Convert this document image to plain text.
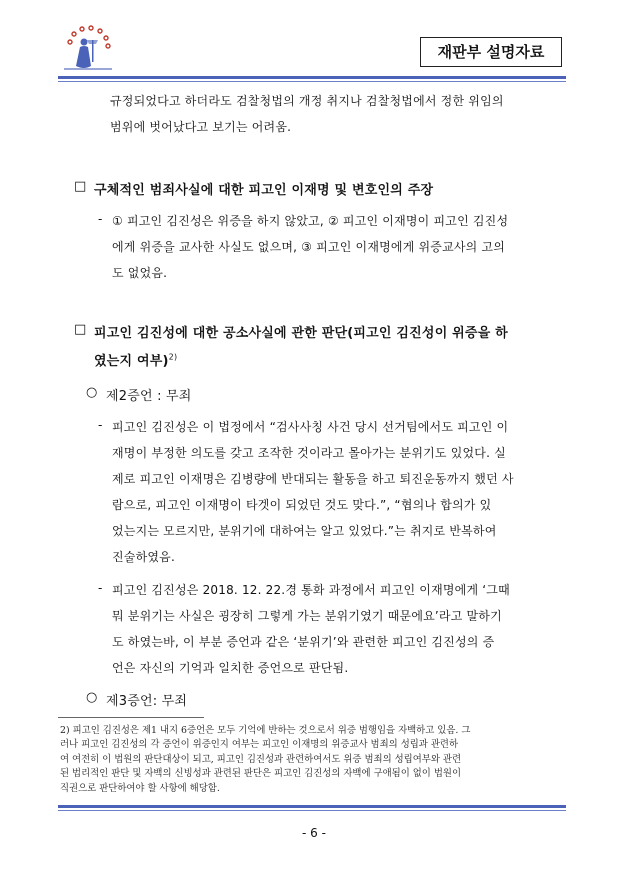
재판부 설명자료
규정되었다고 하더라도 검찰청법의 개정 취지나 검찰청법에서 정한 위임의
범위에 벗어났다고 보기는 어려움.
□ 구체적인 범죄사실에 대한 피고인 이재명 및 변호인의 주장
- ① 피고인 김진성은 위증을 하지 않았고, ② 피고인 이재명이 피고인 김진성
에게 위증을 교사한 사실도 없으며, ③ 피고인 이재명에게 위증교사의 고의
도 없었음.
□ 피고인 김진성에 대한 공소사실에 관한 판단(피고인 김진성이 위증을 하
였는지 여부)$^{2)}$
○ 제2증언 : 무죄
- 피고인 김진성은 이 법정에서 “검사사칭 사건 당시 선거팀에서도 피고인 이
재명이 부정한 의도를 갖고 조작한 것이라고 몰아가는 분위기도 있었다. 실
제로 피고인 이재명은 김병량에 반대되는 활동을 하고 퇴진운동까지 했던 사
람으로, 피고인 이재명이 타겟이 되었던 것도 맞다.”, “협의나 합의가 있
었는지는 모르지만, 분위기에 대하여는 알고 있었다.”는 취지로 반복하여
진술하였음.
- 피고인 김진성은 2018. 12. 22.경 통화 과정에서 피고인 이재명에게 ‘그때
뭐 분위기는 사실은 굉장히 그렇게 가는 분위기였기 때문에요’라고 말하기
도 하였는바, 이 부분 증언과 같은 ‘분위기’와 관련한 피고인 김진성의 증
언은 자신의 기억과 일치한 증언으로 판단됨.
○ 제3증언: 무죄
2) 피고인 김진성은 제1 내지 6증언은 모두 기억에 반하는 것으로서 위증 범행임을 자백하고 있음. 그
러나 피고인 김진성의 각 증언이 위증인지 여부는 피고인 이재명의 위증교사 범죄의 성립과 관련하
여 여전히 이 법원의 판단대상이 되고, 피고인 김진성과 관련하여서도 위증 범죄의 성립여부와 관련
된 법리적인 판단 및 자백의 신빙성과 관련된 판단은 피고인 김진성의 자백에 구애됨이 없이 법원이
직권으로 판단하여야 할 사항에 해당함.
- 6 -
